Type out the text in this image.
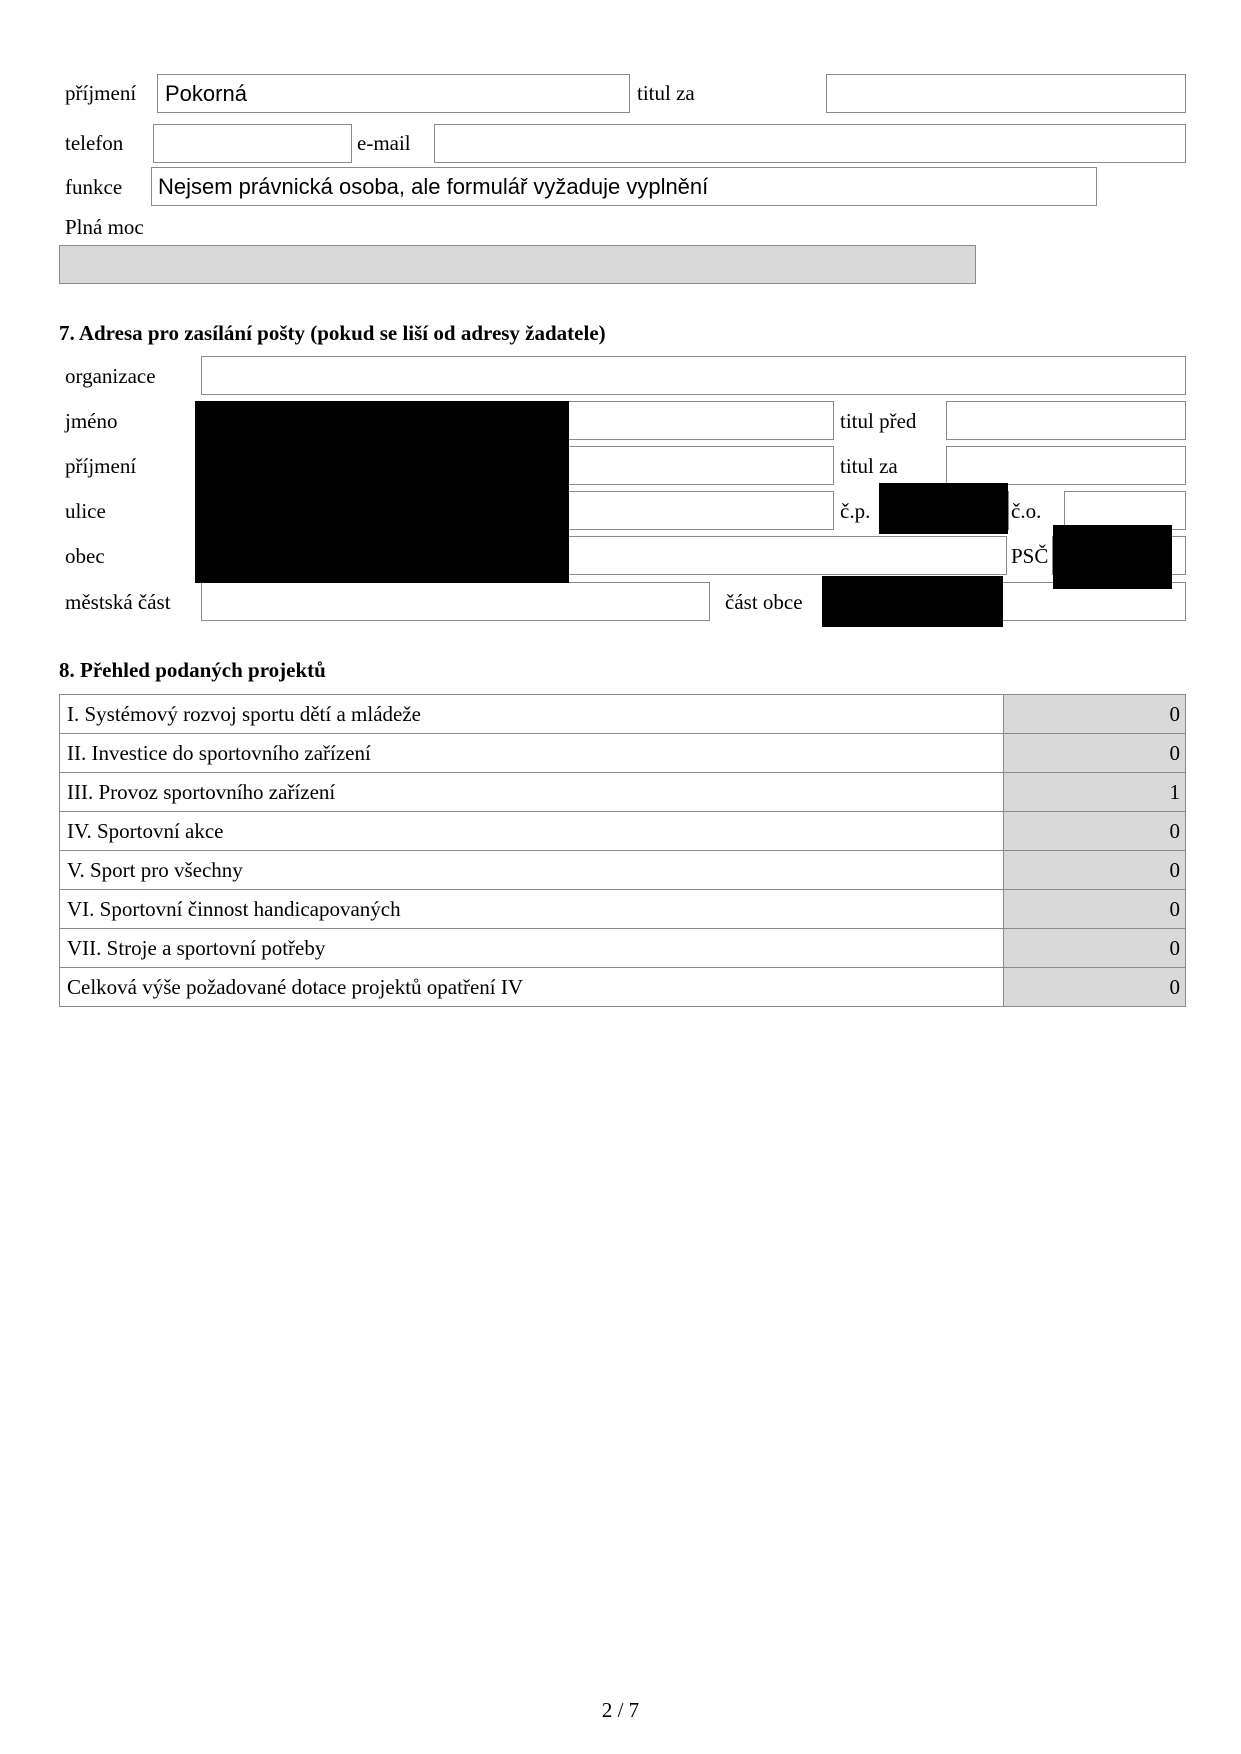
příjmení Pokorná	titul za
telefon	e-mail
funkce Nejsem právnická osoba, ale formulář vyžaduje vyplnění
Plná moc
7. Adresa pro zasílání pošty (pokud se liší od adresy žadatele)
organizace
jméno	titul před
příjmení	titul za
ulice	č.p.	č.o.
obec	PSČ
městská část	část obce
8. Přehled podaných projektů
I. Systémový rozvoj sportu dětí a mládeže	0
II. Investice do sportovního zařízení	0
III. Provoz sportovního zařízení	1
IV. Sportovní akce	0
V. Sport pro všechny	0
VI. Sportovní činnost handicapovaných	0
VII. Stroje a sportovní potřeby	0
Celková výše požadované dotace projektů opatření IV	0
2 / 7
